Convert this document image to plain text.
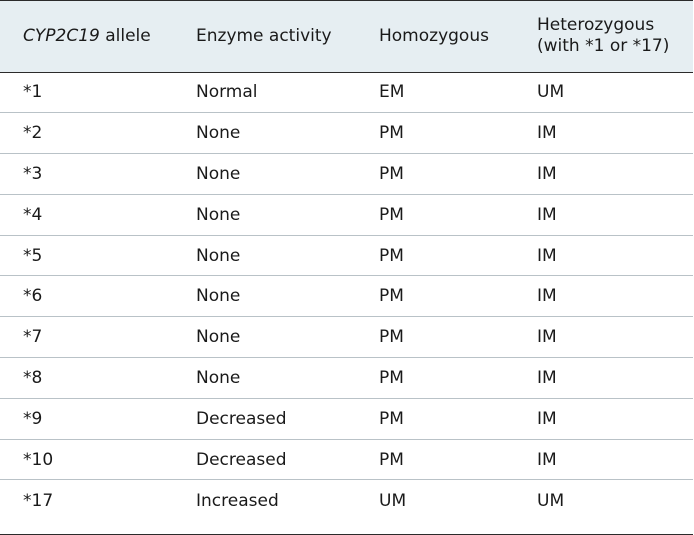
CYP2C19 allele	Enzyme activity	Homozygous	Heterozygous
(with *1 or *17)
*1	Normal	EM	UM
*2	None	PM	IM
*3	None	PM	IM
*4	None	PM	IM
*5	None	PM	IM
*6	None	PM	IM
*7	None	PM	IM
*8	None	PM	IM
*9	Decreased	PM	IM
*10	Decreased	PM	IM
*17	Increased	UM	UM
